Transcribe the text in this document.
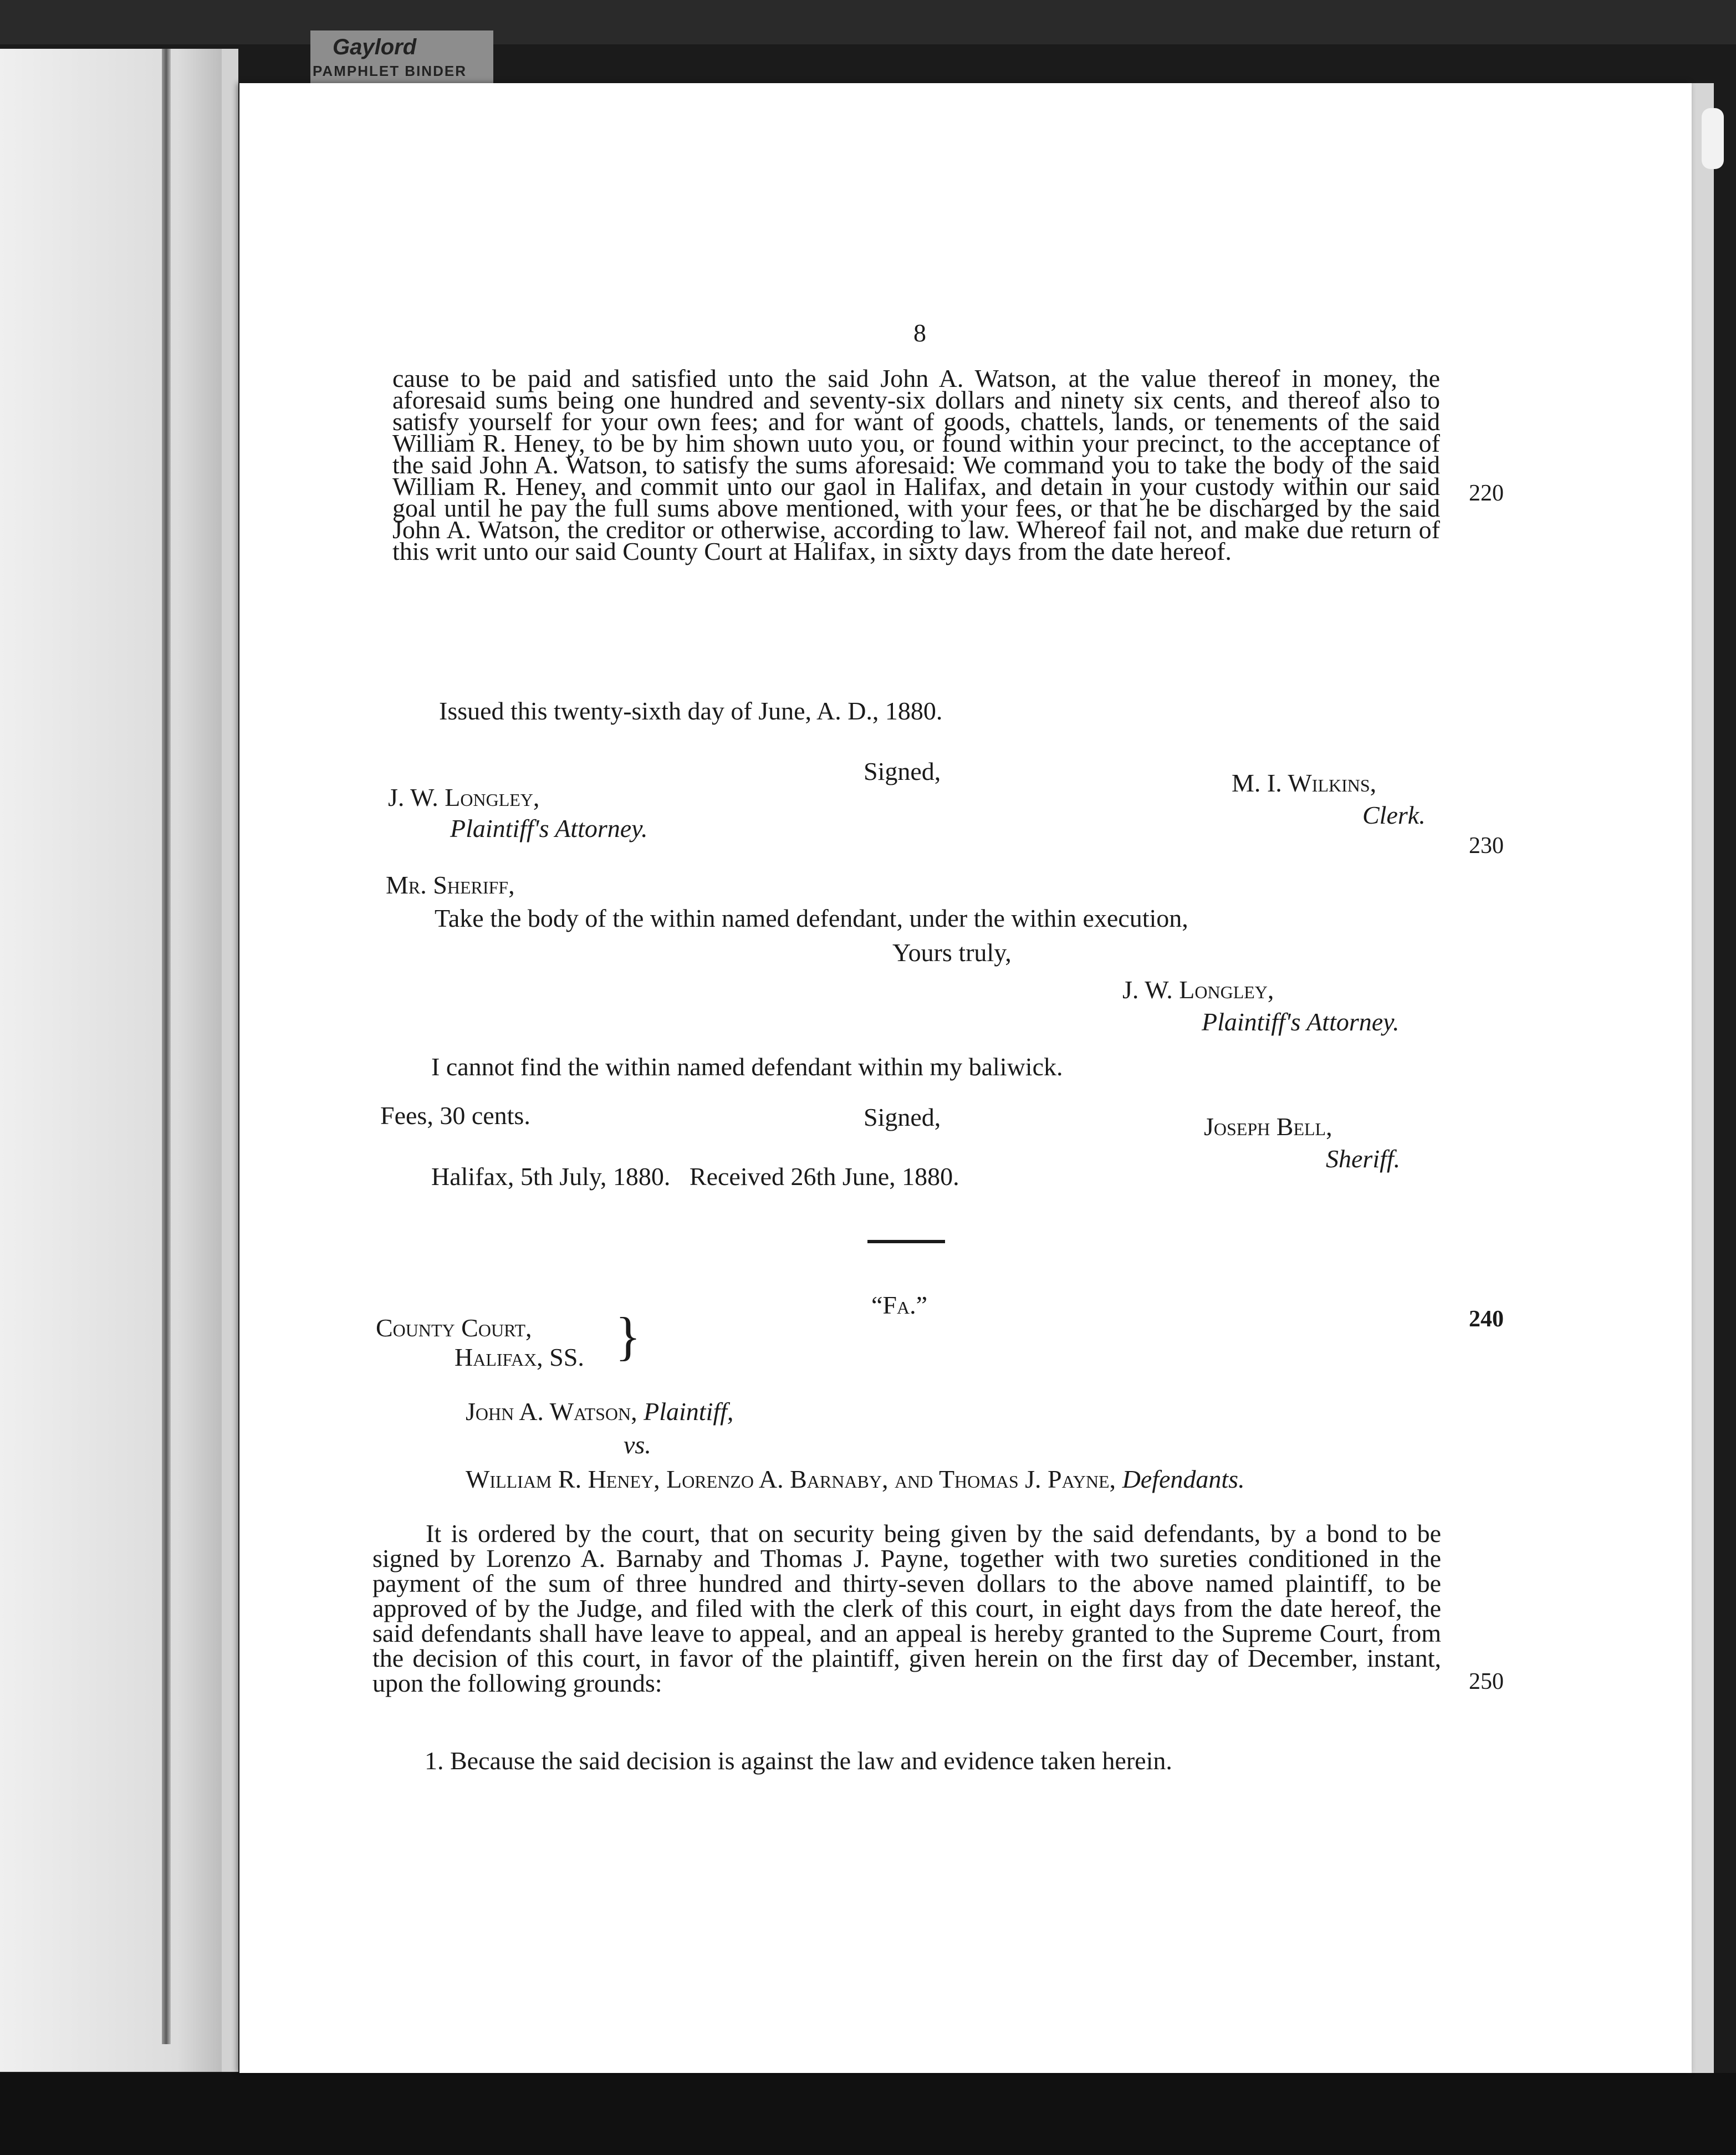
Gaylord
PAMPHLET BINDER
8
cause to be paid and satisfied unto the said John A. Watson, at the value thereof in money, the aforesaid sums being one hundred and seventy-six dollars and ninety six cents, and thereof also to satisfy yourself for your own fees; and for want of goods, chattels, lands, or tenements of the said William R. Heney, to be by him shown uuto you, or found within your precinct, to the acceptance of the said John A. Watson, to satisfy the sums aforesaid: We command you to take the body of the said William R. Heney, and commit unto our gaol in Halifax, and detain in your custody within our said goal until he pay the full sums above mentioned, with your fees, or that he be discharged by the said John A. Watson, the creditor or otherwise, according to law. Whereof fail not, and make due return of this writ unto our said County Court at Halifax, in sixty days from the date hereof.
Issued this twenty-sixth day of June, A. D., 1880.
Signed,	M. I. Wilkins,
Clerk.
J. W. Longley,
Plaintiff's Attorney.
220
230
240
250
Mr. Sheriff,
Take the body of the within named defendant, under the within execution,
Yours truly,
J. W. Longley,
Plaintiff's Attorney.
I cannot find the within named defendant within my baliwick.
Fees, 30 cents.	Signed,	Joseph Bell,
Sheriff.
Halifax, 5th July, 1880.   Received 26th June, 1880.
“Fa.”
County Court,
Halifax, SS. }
John A. Watson, Plaintiff,
vs.
William R. Heney, Lorenzo A. Barnaby, and Thomas J. Payne, Defendants.
It is ordered by the court, that on security being given by the said defendants, by a bond to be signed by Lorenzo A. Barnaby and Thomas J. Payne, together with two sureties conditioned in the payment of the sum of three hundred and thirty-seven dollars to the above named plaintiff, to be approved of by the Judge, and filed with the clerk of this court, in eight days from the date hereof, the said defendants shall have leave to appeal, and an appeal is hereby granted to the Supreme Court, from the decision of this court, in favor of the plaintiff, given herein on the first day of December, instant, upon the following grounds:
1. Because the said decision is against the law and evidence taken herein.
